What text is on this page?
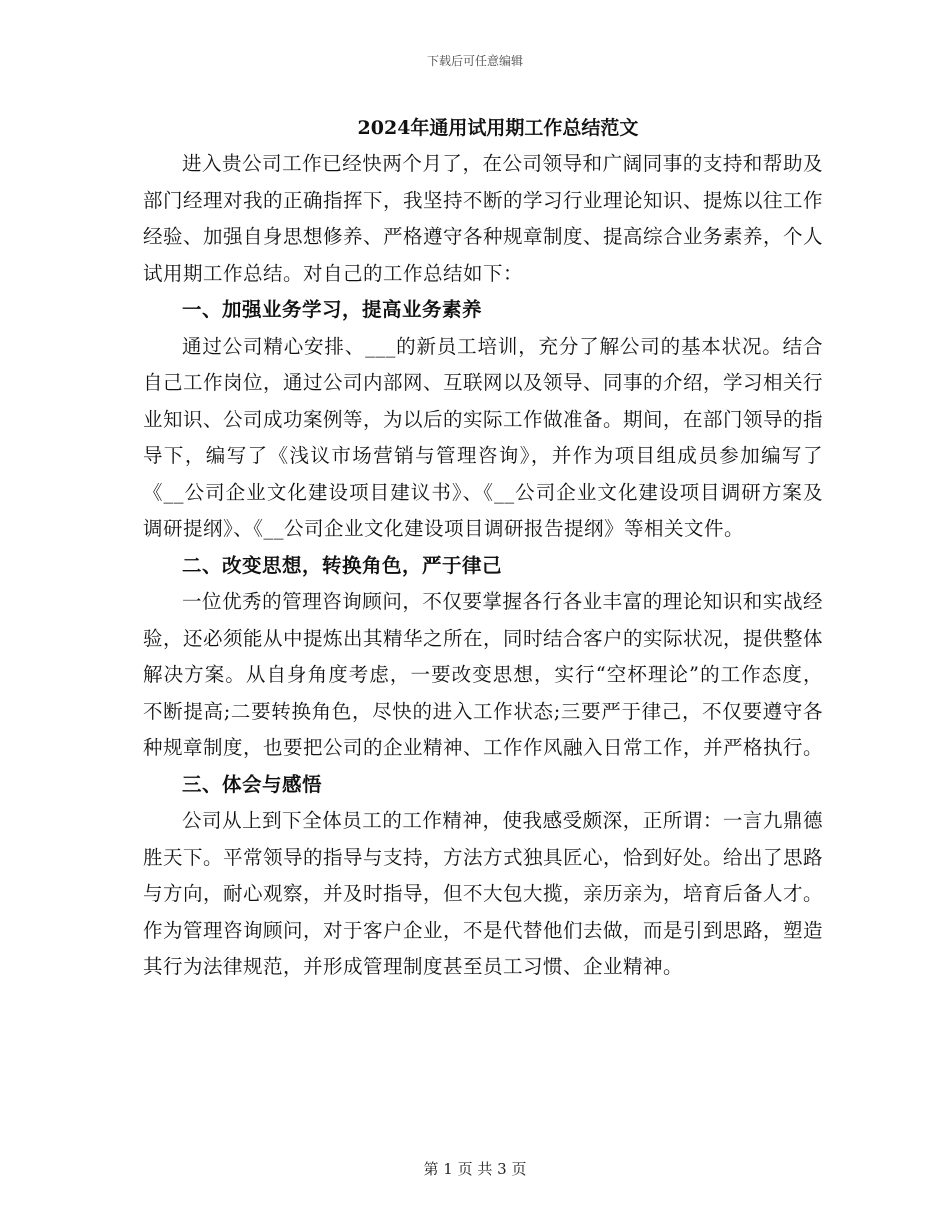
下载后可任意编辑
2024年通用试用期工作总结范文

进入贵公司工作已经快两个月了，在公司领导和广阔同事的支持和帮助及部门经理对我的正确指挥下，我坚持不断的学习行业理论知识、提炼以往工作经验、加强自身思想修养、严格遵守各种规章制度、提高综合业务素养，个人试用期工作总结。对自己的工作总结如下：

一、加强业务学习，提高业务素养

通过公司精心安排、___的新员工培训，充分了解公司的基本状况。结合自己工作岗位，通过公司内部网、互联网以及领导、同事的介绍，学习相关行业知识、公司成功案例等，为以后的实际工作做准备。期间，在部门领导的指导下，编写了《浅议市场营销与管理咨询》，并作为项目组成员参加编写了《__公司企业文化建设项目建议书》、《__公司企业文化建设项目调研方案及调研提纲》、《__公司企业文化建设项目调研报告提纲》等相关文件。

二、改变思想，转换角色，严于律己

一位优秀的管理咨询顾问，不仅要掌握各行各业丰富的理论知识和实战经验，还必须能从中提炼出其精华之所在，同时结合客户的实际状况，提供整体解决方案。从自身角度考虑，一要改变思想，实行“空杯理论”的工作态度，不断提高;二要转换角色，尽快的进入工作状态;三要严于律己，不仅要遵守各种规章制度，也要把公司的企业精神、工作作风融入日常工作，并严格执行。

三、体会与感悟

公司从上到下全体员工的工作精神，使我感受颇深，正所谓：一言九鼎德胜天下。平常领导的指导与支持，方法方式独具匠心，恰到好处。给出了思路与方向，耐心观察，并及时指导，但不大包大揽，亲历亲为，培育后备人才。作为管理咨询顾问，对于客户企业，不是代替他们去做，而是引到思路，塑造其行为法律规范，并形成管理制度甚至员工习惯、企业精神。

第 1 页 共 3 页
